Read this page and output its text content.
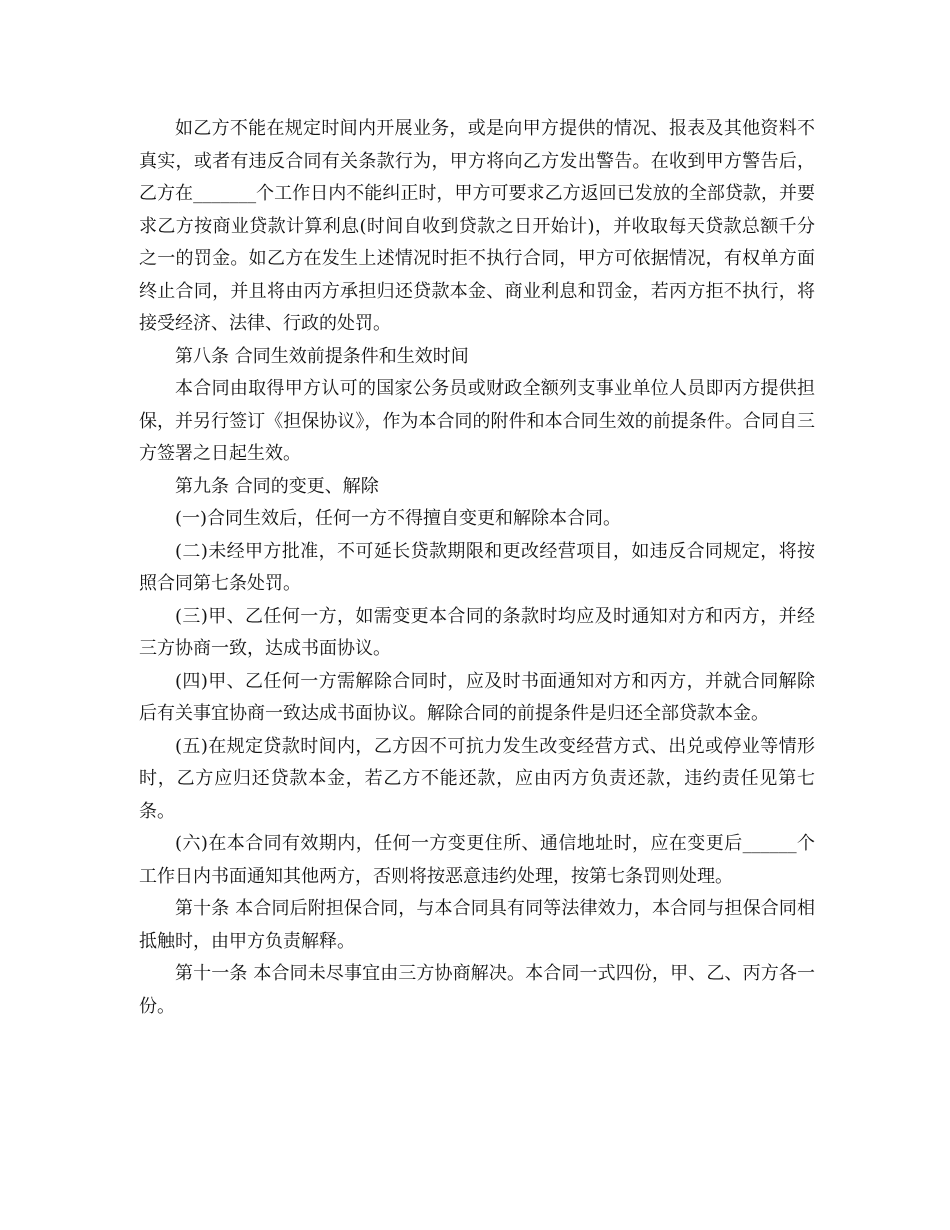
如乙方不能在规定时间内开展业务，或是向甲方提供的情况、报表及其他资料不真实，或者有违反合同有关条款行为，甲方将向乙方发出警告。在收到甲方警告后，乙方在_______个工作日内不能纠正时，甲方可要求乙方返回已发放的全部贷款，并要求乙方按商业贷款计算利息(时间自收到贷款之日开始计)，并收取每天贷款总额千分之一的罚金。如乙方在发生上述情况时拒不执行合同，甲方可依据情况，有权单方面终止合同，并且将由丙方承担归还贷款本金、商业利息和罚金，若丙方拒不执行，将接受经济、法律、行政的处罚。

第八条 合同生效前提条件和生效时间

本合同由取得甲方认可的国家公务员或财政全额列支事业单位人员即丙方提供担保，并另行签订《担保协议》，作为本合同的附件和本合同生效的前提条件。合同自三方签署之日起生效。

第九条 合同的变更、解除

(一)合同生效后，任何一方不得擅自变更和解除本合同。

(二)未经甲方批准，不可延长贷款期限和更改经营项目，如违反合同规定，将按照合同第七条处罚。

(三)甲、乙任何一方，如需变更本合同的条款时均应及时通知对方和丙方，并经三方协商一致，达成书面协议。

(四)甲、乙任何一方需解除合同时，应及时书面通知对方和丙方，并就合同解除后有关事宜协商一致达成书面协议。解除合同的前提条件是归还全部贷款本金。

(五)在规定贷款时间内，乙方因不可抗力发生改变经营方式、出兑或停业等情形时，乙方应归还贷款本金，若乙方不能还款，应由丙方负责还款，违约责任见第七条。

(六)在本合同有效期内，任何一方变更住所、通信地址时，应在变更后______个工作日内书面通知其他两方，否则将按恶意违约处理，按第七条罚则处理。

第十条 本合同后附担保合同，与本合同具有同等法律效力，本合同与担保合同相抵触时，由甲方负责解释。

第十一条 本合同未尽事宜由三方协商解决。本合同一式四份，甲、乙、丙方各一份。
